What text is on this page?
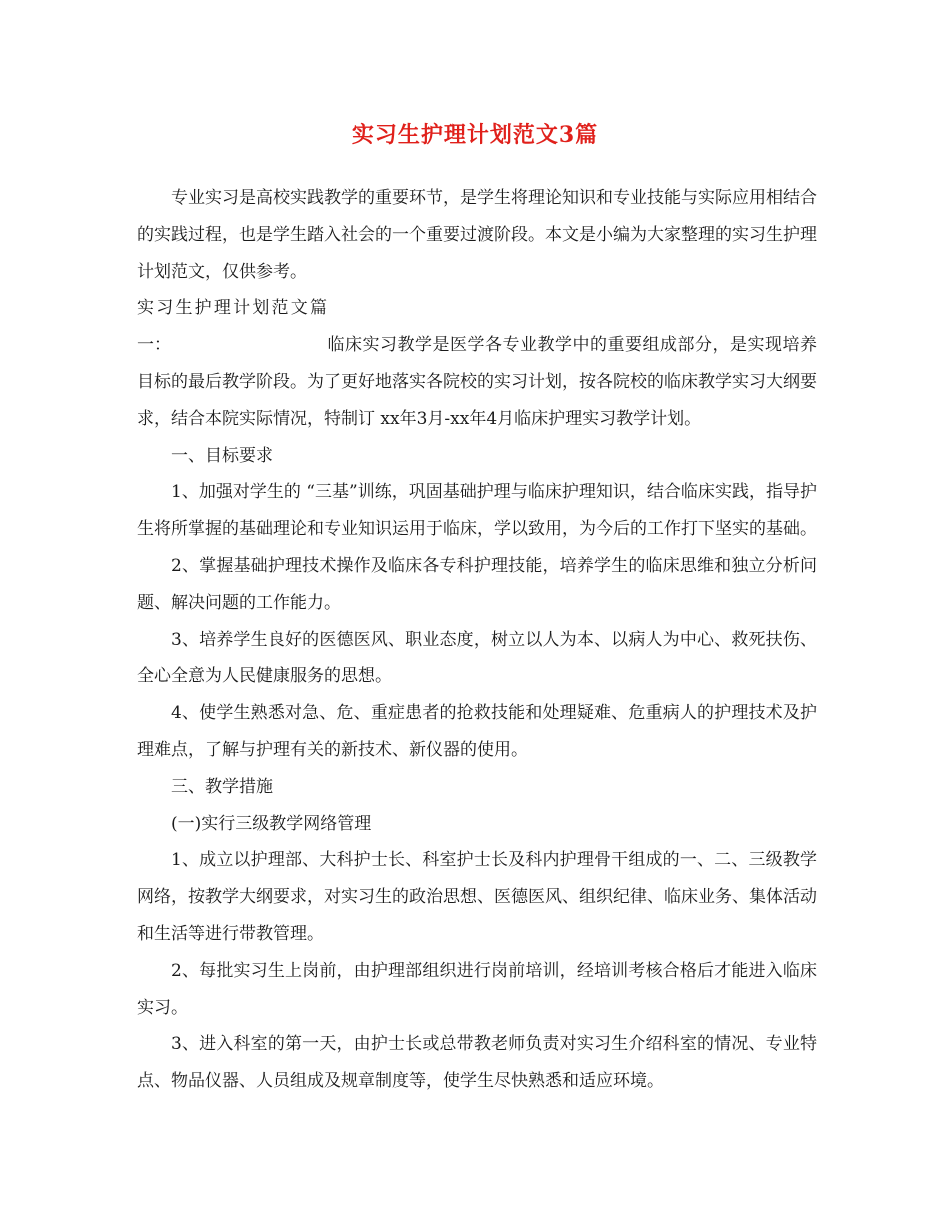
实习生护理计划范文3篇

专业实习是高校实践教学的重要环节，是学生将理论知识和专业技能与实际应用相结合的实践过程，也是学生踏入社会的一个重要过渡阶段。本文是小编为大家整理的实习生护理计划范文，仅供参考。

实习生护理计划范文篇一：	临床实习教学是医学各专业教学中的重要组成部分，是实现培养目标的最后教学阶段。为了更好地落实各院校的实习计划，按各院校的临床教学实习大纲要求，结合本院实际情况，特制订 xx年3月-xx年4月临床护理实习教学计划。

一、目标要求

1、加强对学生的 “三基”训练，巩固基础护理与临床护理知识，结合临床实践，指导护生将所掌握的基础理论和专业知识运用于临床，学以致用，为今后的工作打下坚实的基础。

2、掌握基础护理技术操作及临床各专科护理技能，培养学生的临床思维和独立分析问题、解决问题的工作能力。

3、培养学生良好的医德医风、职业态度，树立以人为本、以病人为中心、救死扶伤、全心全意为人民健康服务的思想。

4、使学生熟悉对急、危、重症患者的抢救技能和处理疑难、危重病人的护理技术及护理难点，了解与护理有关的新技术、新仪器的使用。

三、教学措施

(一)实行三级教学网络管理

1、成立以护理部、大科护士长、科室护士长及科内护理骨干组成的一、二、三级教学网络，按教学大纲要求，对实习生的政治思想、医德医风、组织纪律、临床业务、集体活动和生活等进行带教管理。

2、每批实习生上岗前，由护理部组织进行岗前培训，经培训考核合格后才能进入临床实习。

3、进入科室的第一天，由护士长或总带教老师负责对实习生介绍科室的情况、专业特点、物品仪器、人员组成及规章制度等，使学生尽快熟悉和适应环境。
